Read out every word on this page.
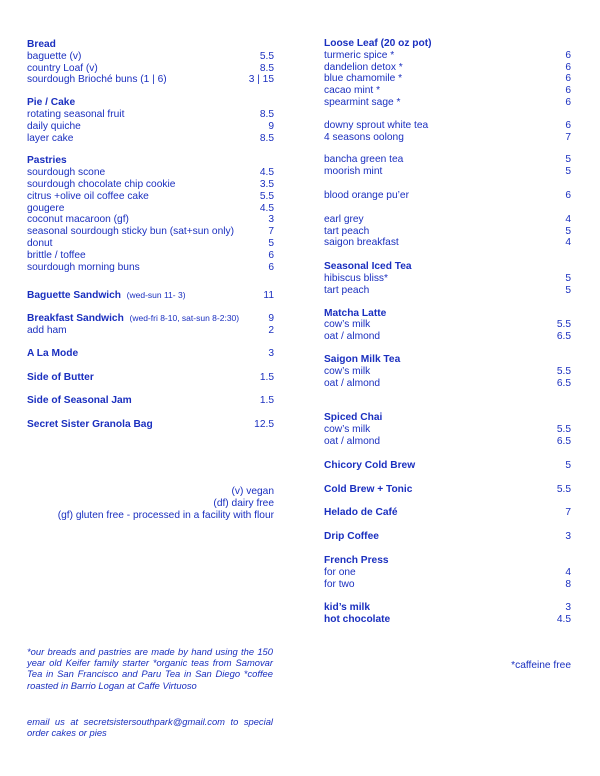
Bread
baguette (v)	5.5
country Loaf (v)	8.5
sourdough Brioché buns (1 | 6)	3 | 15
Pie / Cake
rotating seasonal fruit	8.5
daily quiche	9
layer cake	8.5
Pastries
sourdough scone	4.5
sourdough chocolate chip cookie	3.5
citrus +olive oil coffee cake	5.5
gougere	4.5
coconut macaroon (gf)	3
seasonal sourdough sticky bun (sat+sun only)	7
donut	5
brittle / toffee	6
sourdough morning buns	6
Baguette Sandwich (wed-sun 11- 3)	11
Breakfast Sandwich (wed-fri 8-10, sat-sun 8-2:30)	9
add ham	2
A La Mode	3
Side of Butter	1.5
Side of Seasonal Jam	1.5
Secret Sister Granola Bag	12.5
(v) vegan
(df) dairy free
(gf) gluten free - processed in a facility with flour
*our breads and pastries are made by hand using the 150 year old Keifer family starter *organic teas from Samovar Tea in San Francisco and Paru Tea in San Diego *coffee roasted in Barrio Logan at Caffe Virtuoso
email us at secretsistersouthpark@gmail.com to special order cakes or pies
Loose Leaf (20 oz pot)
turmeric spice *	6
dandelion detox *	6
blue chamomile *	6
cacao mint *	6
spearmint sage *	6
downy sprout white tea	6
4 seasons oolong	7
bancha green tea	5
moorish mint	5
blood orange pu’er	6
earl grey	4
tart peach	5
saigon breakfast	4
Seasonal Iced Tea
hibiscus bliss*	5
tart peach	5
Matcha Latte
cow’s milk	5.5
oat / almond	6.5
Saigon Milk Tea
cow’s milk	5.5
oat / almond	6.5
Spiced Chai
cow’s milk	5.5
oat / almond	6.5
Chicory Cold Brew	5
Cold Brew + Tonic	5.5
Helado de Café	7
Drip Coffee	3
French Press
for one	4
for two	8
kid’s milk	3
hot chocolate	4.5
*caffeine free
